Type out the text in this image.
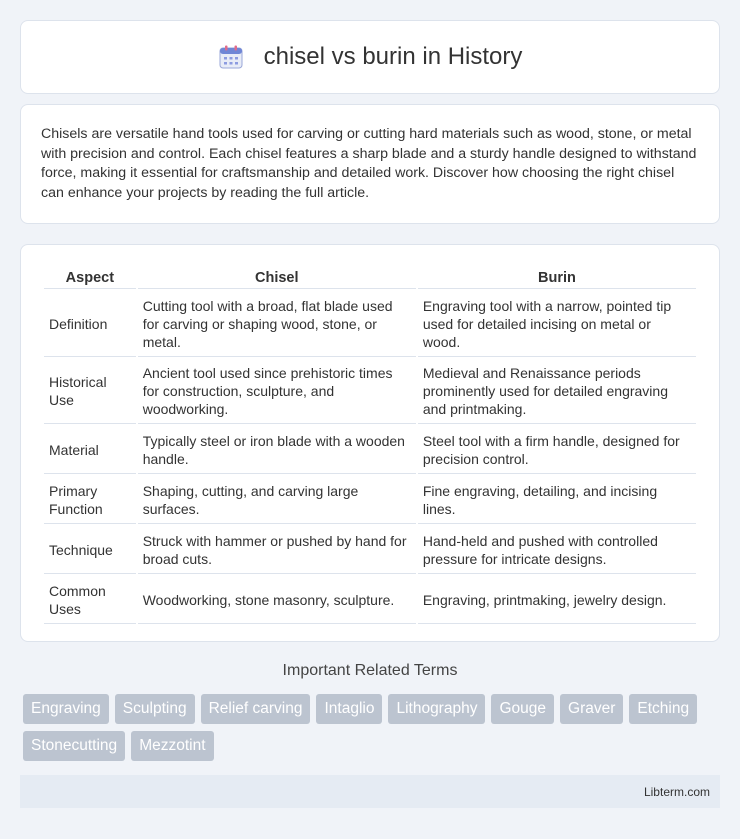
chisel vs burin in History

Chisels are versatile hand tools used for carving or cutting hard materials such as wood, stone, or metal with precision and control. Each chisel features a sharp blade and a sturdy handle designed to withstand force, making it essential for craftsmanship and detailed work. Discover how choosing the right chisel can enhance your projects by reading the full article.

Aspect	Chisel	Burin
Definition	Cutting tool with a broad, flat blade used for carving or shaping wood, stone, or metal.	Engraving tool with a narrow, pointed tip used for detailed incising on metal or wood.
Historical Use	Ancient tool used since prehistoric times for construction, sculpture, and woodworking.	Medieval and Renaissance periods prominently used for detailed engraving and printmaking.
Material	Typically steel or iron blade with a wooden handle.	Steel tool with a firm handle, designed for precision control.
Primary Function	Shaping, cutting, and carving large surfaces.	Fine engraving, detailing, and incising lines.
Technique	Struck with hammer or pushed by hand for broad cuts.	Hand-held and pushed with controlled pressure for intricate designs.
Common Uses	Woodworking, stone masonry, sculpture.	Engraving, printmaking, jewelry design.
Important Related Terms
Engraving	Sculpting	Relief carving	Intaglio	Lithography	Gouge	Graver	Etching
Stonecutting	Mezzotint
Libterm.com
